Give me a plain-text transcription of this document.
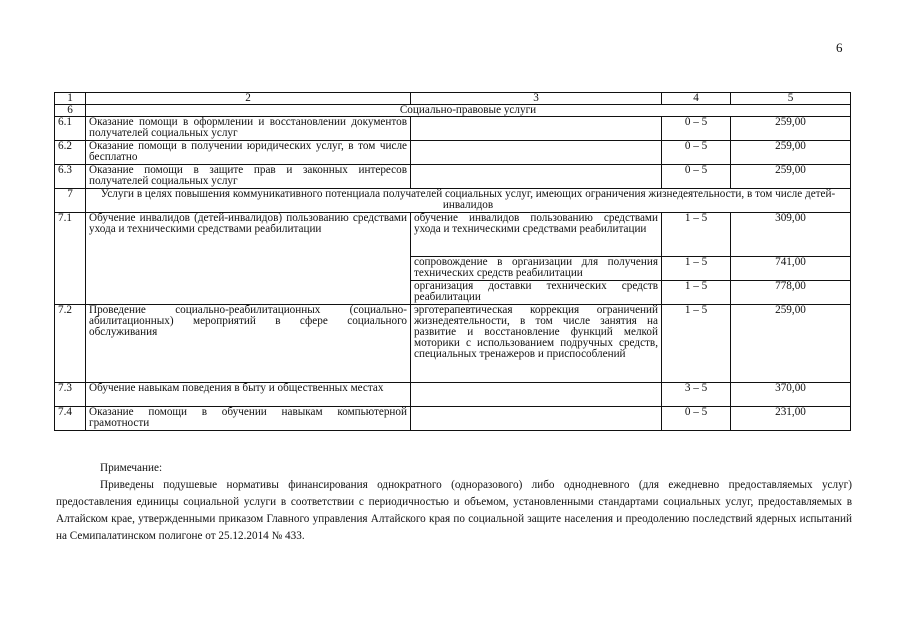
6
1	2	3	4	5
6	Социально-правовые услуги			
6.1	Оказание помощи в оформлении и восстановлении документов получателей социальных услуг		0 – 5	259,00
6.2	Оказание помощи в получении юридических услуг, в том числе бесплатно		0 – 5	259,00
6.3	Оказание помощи в защите прав и законных интересов получателей социальных услуг		0 – 5	259,00
7	Услуги в целях повышения коммуникативного потенциала получателей социальных услуг, имеющих ограничения жизнедеятельности, в том числе детей-инвалидов			
7.1	Обучение инвалидов (детей-инвалидов) пользованию средствами ухода и техническими средствами реабилитации	обучение инвалидов пользованию средствами ухода и техническими средствами реабилитации	1 – 5	309,00
		сопровождение в организации для получения технических средств реабилитации	1 – 5	741,00
		организация доставки технических средств реабилитации	1 – 5	778,00
7.2	Проведение социально-реабилитационных (социально-абилитационных) мероприятий в сфере социального обслуживания	эрготерапевтическая коррекция ограничений жизнедеятельности, в том числе занятия на развитие и восстановление функций мелкой моторики с использованием подручных средств, специальных тренажеров и приспособлений	1 – 5	259,00
7.3	Обучение навыкам поведения в быту и общественных местах		3 – 5	370,00
7.4	Оказание помощи в обучении навыкам компьютерной грамотности		0 – 5	231,00
Примечание:
Приведены подушевые нормативы финансирования однократного (одноразового) либо однодневного (для ежедневно предоставляемых услуг) предоставления единицы социальной услуги в соответствии с периодичностью и объемом, установленными стандартами социальных услуг, предоставляемых в Алтайском крае, утвержденными приказом Главного управления Алтайского края по социальной защите населения и преодолению последствий ядерных испытаний на Семипалатинском полигоне от 25.12.2014 № 433.
